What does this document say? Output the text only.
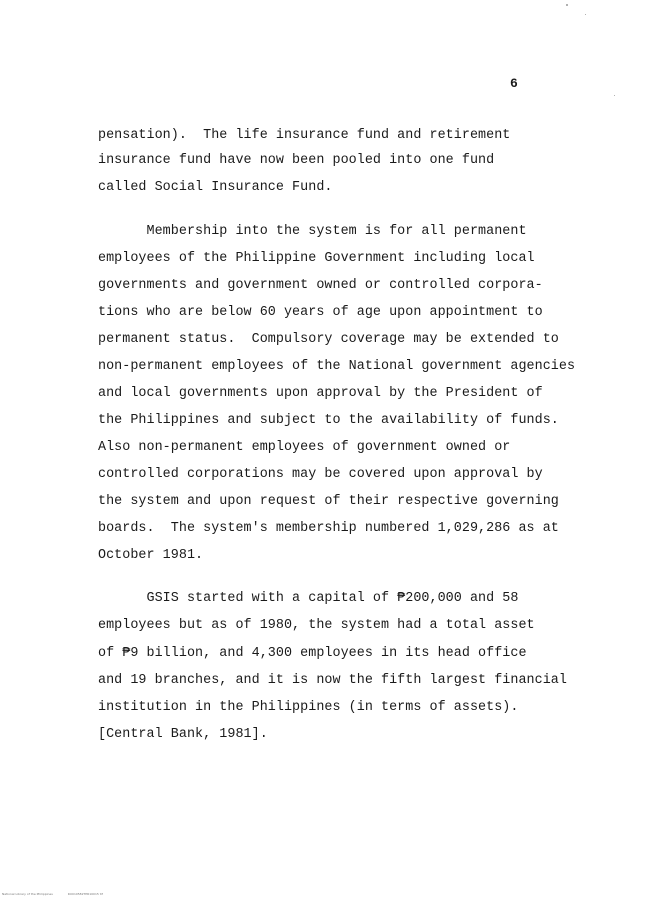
6
pensation).  The life insurance fund and retirement
insurance fund have now been pooled into one fund
called Social Insurance Fund.
Membership into the system is for all permanent
employees of the Philippine Government including local
governments and government owned or controlled corpora-
tions who are below 60 years of age upon appointment to
permanent status.  Compulsory coverage may be extended to
non-permanent employees of the National government agencies
and local governments upon approval by the President of
the Philippines and subject to the availability of funds.
Also non-permanent employees of government owned or
controlled corporations may be covered upon approval by
the system and upon request of their respective governing
boards.  The system's membership numbered 1,029,286 as at
October 1981.
GSIS started with a capital of ₱200,000 and 58
employees but as of 1980, the system had a total asset
of ₱9 billion, and 4,300 employees in its head office
and 19 branches, and it is now the fifth largest financial
institution in the Philippines (in terms of assets).
[Central Bank, 1981].
National Library of the Philippines	RU010582TPR10015 tif
